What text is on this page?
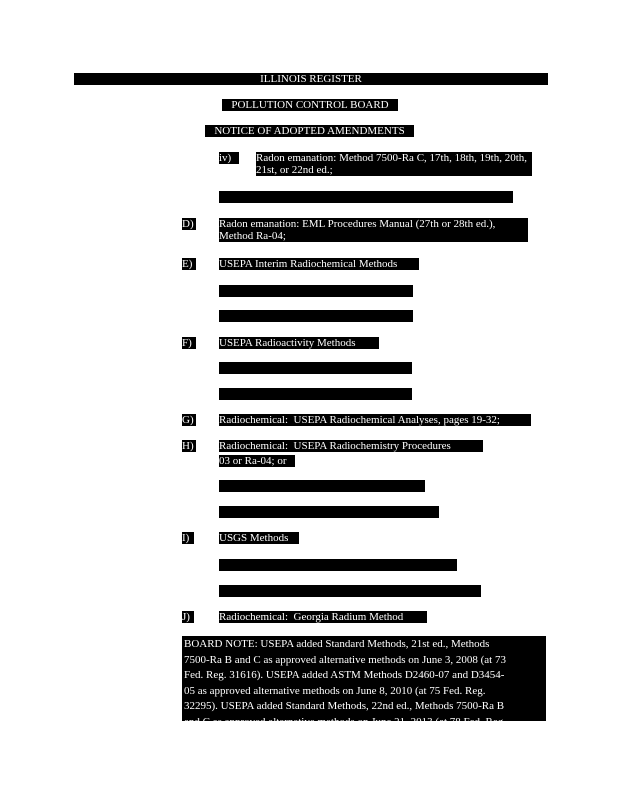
ILLINOIS REGISTER
POLLUTION CONTROL BOARD
NOTICE OF ADOPTED AMENDMENTS
iv)	Radon emanation: Method 7500-Ra C, 17th, 18th, 19th, 20th, 21st, or 22nd ed.;

v)	Gamma spectrometry:  Method 7500-Ra E, 22nd ed.;

D) Radon emanation: EML Procedures Manual (27th or 28th ed.), Method Ra-04;
E)	USEPA Interim Radiochemical Methods

i)	Radiochemical:  pages 13-15; or

ii)	Radon emanation:  pages 16-23;

F)	USEPA Radioactivity Methods

i)	Radiochemical:  Method 903.0; or

ii)	Radon emanation:  Method 903.1;

G) Radiochemical:  USEPA Radiochemical Analyses, pages 19-32;
H) Radiochemical:  USEPA Radiochemistry Procedures
03 or Ra-04; or

i)	Radiochemical:  Method Ra-03; or

ii)	Radon emanation:  Method Ra-04; or

I)	USGS Methods

i)	Radiochemical:  USGS Method R-1140-76; or

ii)	Radon emanation:  USGS Method R-1141-76;

J)	Radiochemical:  Georgia Radium Method
BOARD NOTE: USEPA added Standard Methods, 21st ed., Methods
7500-Ra B and C as approved alternative methods on June 3, 2008 (at 73
Fed. Reg. 31616). USEPA added ASTM Methods D2460-07 and D3454-
05 as approved alternative methods on June 8, 2010 (at 75 Fed. Reg.
32295). USEPA added Standard Methods, 22nd ed., Methods 7500-Ra B
and C as approved alternative methods on June 21, 2013 (at 78 Fed. Reg.
